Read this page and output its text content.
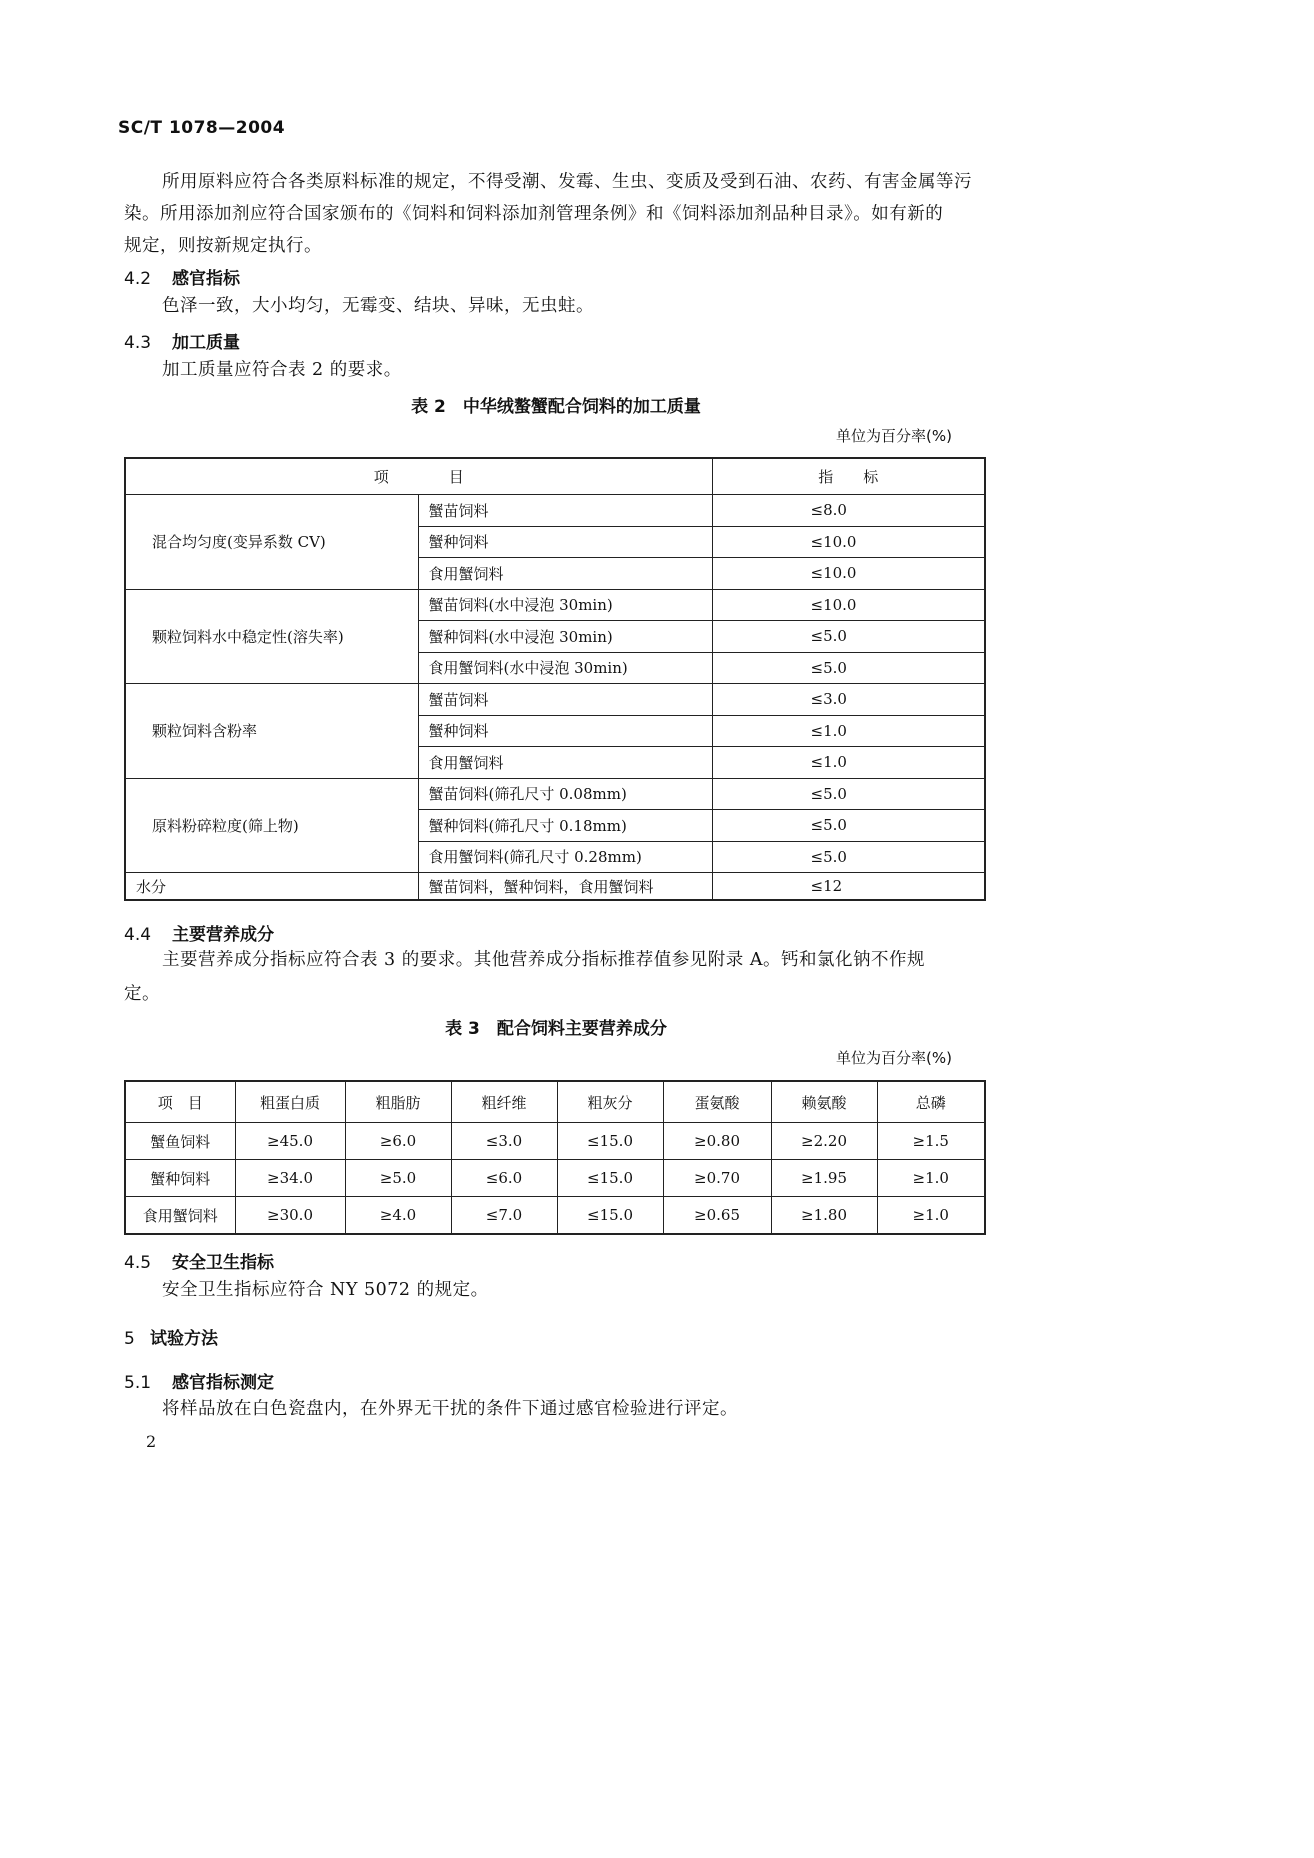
SC/T 1078—2004
所用原料应符合各类原料标准的规定，不得受潮、发霉、生虫、变质及受到石油、农药、有害金属等污
染。所用添加剂应符合国家颁布的《饲料和饲料添加剂管理条例》和《饲料添加剂品种目录》。如有新的
规定，则按新规定执行。
4.2 感官指标
色泽一致，大小均匀，无霉变、结块、异味，无虫蛀。
4.3 加工质量
加工质量应符合表 2 的要求。
表 2　中华绒螯蟹配合饲料的加工质量
单位为百分率(%)
项　　　　目		指　　标
混合均匀度(变异系数 CV)	蟹苗饲料	≤8.0
	蟹种饲料	≤10.0
	食用蟹饲料	≤10.0
颗粒饲料水中稳定性(溶失率)	蟹苗饲料(水中浸泡 30min)	≤10.0
	蟹种饲料(水中浸泡 30min)	≤5.0
	食用蟹饲料(水中浸泡 30min)	≤5.0
颗粒饲料含粉率	蟹苗饲料	≤3.0
	蟹种饲料	≤1.0
	食用蟹饲料	≤1.0
原料粉碎粒度(筛上物)	蟹苗饲料(筛孔尺寸 0.08mm)	≤5.0
	蟹种饲料(筛孔尺寸 0.18mm)	≤5.0
	食用蟹饲料(筛孔尺寸 0.28mm)	≤5.0
水分	蟹苗饲料，蟹种饲料，食用蟹饲料	≤12
4.4 主要营养成分
主要营养成分指标应符合表 3 的要求。其他营养成分指标推荐值参见附录 A。钙和氯化钠不作规
定。
表 3　配合饲料主要营养成分
单位为百分率(%)
项　目	粗蛋白质	粗脂肪	粗纤维	粗灰分	蛋氨酸	赖氨酸	总磷
蟹鱼饲料	≥45.0	≥6.0	≤3.0	≤15.0	≥0.80	≥2.20	≥1.5
蟹种饲料	≥34.0	≥5.0	≤6.0	≤15.0	≥0.70	≥1.95	≥1.0
食用蟹饲料	≥30.0	≥4.0	≤7.0	≤15.0	≥0.65	≥1.80	≥1.0
4.5 安全卫生指标
安全卫生指标应符合 NY 5072 的规定。
5 试验方法
5.1 感官指标测定
将样品放在白色瓷盘内，在外界无干扰的条件下通过感官检验进行评定。
2
